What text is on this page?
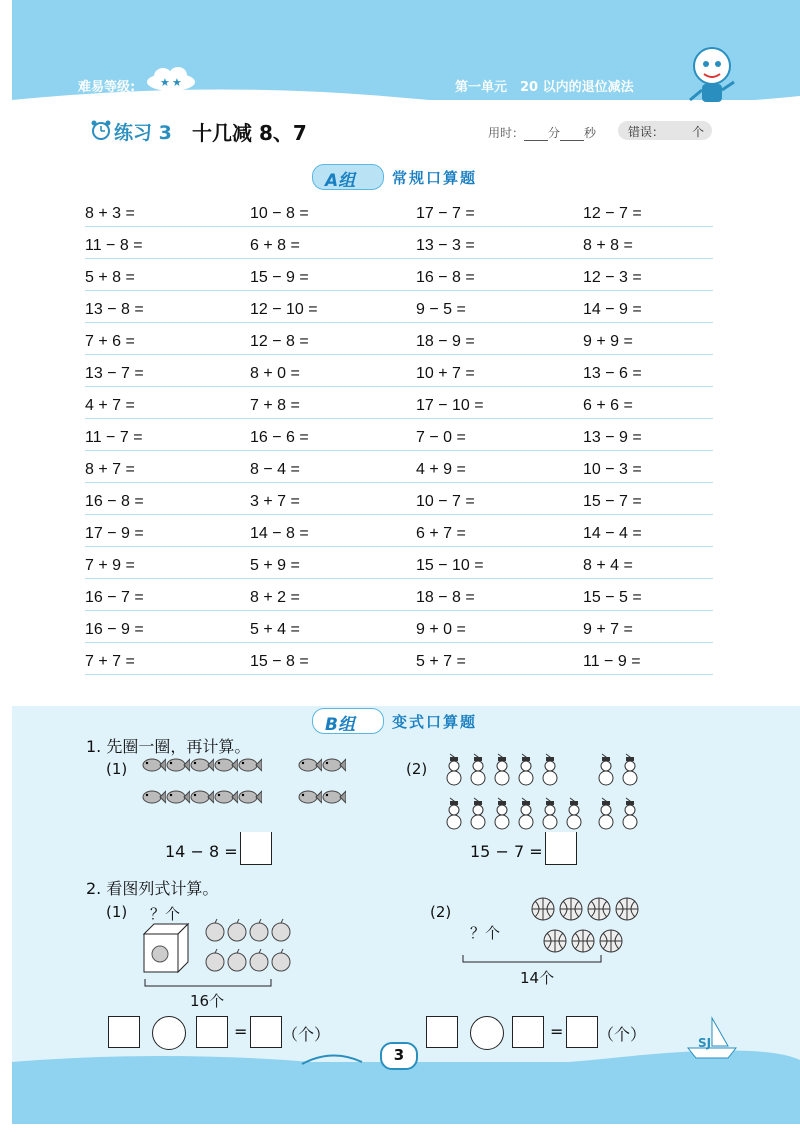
难易等级: ★ ★	第一单元　20 以内的退位减法
练习 3 十几减 8、7	用时： 分 秒	错误： 个
A组 常规口算题
8 + 3 =	10 − 8 =	17 − 7 =	12 − 7 =
11 − 8 =	6 + 8 =	13 − 3 =	8 + 8 =
5 + 8 =	15 − 9 =	16 − 8 =	12 − 3 =
13 − 8 =	12 − 10 =	9 − 5 =	14 − 9 =
7 + 6 =	12 − 8 =	18 − 9 =	9 + 9 =
13 − 7 =	8 + 0 =	10 + 7 =	13 − 6 =
4 + 7 =	7 + 8 =	17 − 10 =	6 + 6 =
11 − 7 =	16 − 6 =	7 − 0 =	13 − 9 =
8 + 7 =	8 − 4 =	4 + 9 =	10 − 3 =
16 − 8 =	3 + 7 =	10 − 7 =	15 − 7 =
17 − 9 =	14 − 8 =	6 + 7 =	14 − 4 =
7 + 9 =	5 + 9 =	15 − 10 =	8 + 4 =
16 − 7 =	8 + 2 =	18 − 8 =	15 − 5 =
16 − 9 =	5 + 4 =	9 + 0 =	9 + 7 =
7 + 7 =	15 − 8 =	5 + 7 =	11 − 9 =
B组 变式口算题
1. 先圈一圈，再计算。
(1)
14 − 8 =
(2)
15 − 7 =
2. 看图列式计算。
(1) ？个
16个
(2)
？个
14个
= （个）	= （个）
3
SJ
